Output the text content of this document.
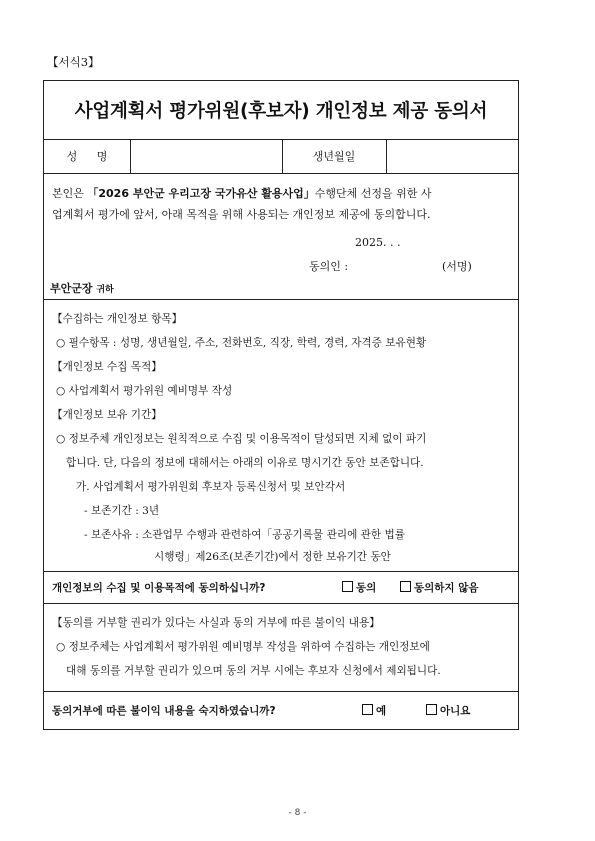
【서식3】
사업계획서 평가위원(후보자) 개인정보 제공 동의서
성 명	생년월일
본인은 「2026 부안군 우리고장 국가유산 활용사업」수행단체 선정을 위한 사
업계획서 평가에 앞서, 아래 목적을 위해 사용되는 개인정보 제공에 동의합니다.
2025. . .
동의인 :	(서명)
부안군장 귀하
【수집하는 개인정보 항목】
○ 필수항목 : 성명, 생년월일, 주소, 전화번호, 직장, 학력, 경력, 자격증 보유현황
【개인정보 수집 목적】
○ 사업계획서 평가위원 예비명부 작성
【개인정보 보유 기간】
○ 정보주체 개인정보는 원칙적으로 수집 및 이용목적이 달성되면 지체 없이 파기
합니다. 단, 다음의 정보에 대해서는 아래의 이유로 명시기간 동안 보존합니다.
가. 사업계획서 평가위원회 후보자 등록신청서 및 보안각서
- 보존기간 : 3년
- 보존사유 : 소관업무 수행과 관련하여「공공기록물 관리에 관한 법률
시행령」제26조(보존기간)에서 정한 보유기간 동안
개인정보의 수집 및 이용목적에 동의하십니까?	동의	동의하지 않음
【동의를 거부할 권리가 있다는 사실과 동의 거부에 따른 불이익 내용】
○ 정보주체는 사업계획서 평가위원 예비명부 작성을 위하여 수집하는 개인정보에
대해 동의를 거부할 권리가 있으며 동의 거부 시에는 후보자 신청에서 제외됩니다.
동의거부에 따른 불이익 내용을 숙지하였습니까?	예	아니요
- 8 -
